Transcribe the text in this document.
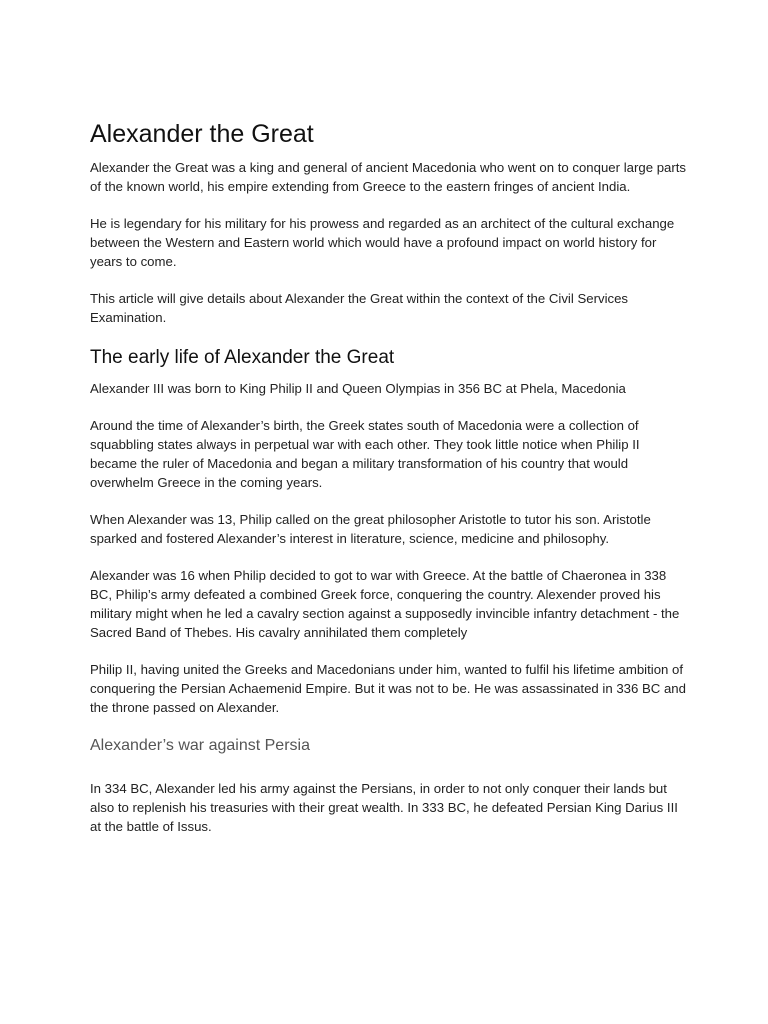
Alexander the Great

Alexander the Great was a king and general of ancient Macedonia who went on to conquer large parts of the known world, his empire extending from Greece to the eastern fringes of ancient India.

He is legendary for his military for his prowess and regarded as an architect of the cultural exchange between the Western and Eastern world which would have a profound impact on world history for years to come.

This article will give details about Alexander the Great within the context of the Civil Services Examination.

The early life of Alexander the Great

Alexander III was born to King Philip II and Queen Olympias in 356 BC at Phela, Macedonia

Around the time of Alexander’s birth, the Greek states south of Macedonia were a collection of squabbling states always in perpetual war with each other. They took little notice when Philip II became the ruler of Macedonia and began a military transformation of his country that would overwhelm Greece in the coming years.

When Alexander was 13, Philip called on the great philosopher Aristotle to tutor his son. Aristotle sparked and fostered Alexander’s interest in literature, science, medicine and philosophy.

Alexander was 16 when Philip decided to got to war with Greece. At the battle of Chaeronea in 338 BC, Philip’s army defeated a combined Greek force, conquering the country. Alexender proved his military might when he led a cavalry section against a supposedly invincible infantry detachment - the Sacred Band of Thebes. His cavalry annihilated them completely

Philip II, having united the Greeks and Macedonians under him, wanted to fulfil his lifetime ambition of conquering the Persian Achaemenid Empire. But it was not to be. He was assassinated in 336 BC and the throne passed on Alexander.

Alexander’s war against Persia

In 334 BC, Alexander led his army against the Persians, in order to not only conquer their lands but also to replenish his treasuries with their great wealth. In 333 BC, he defeated Persian King Darius III at the battle of Issus.
